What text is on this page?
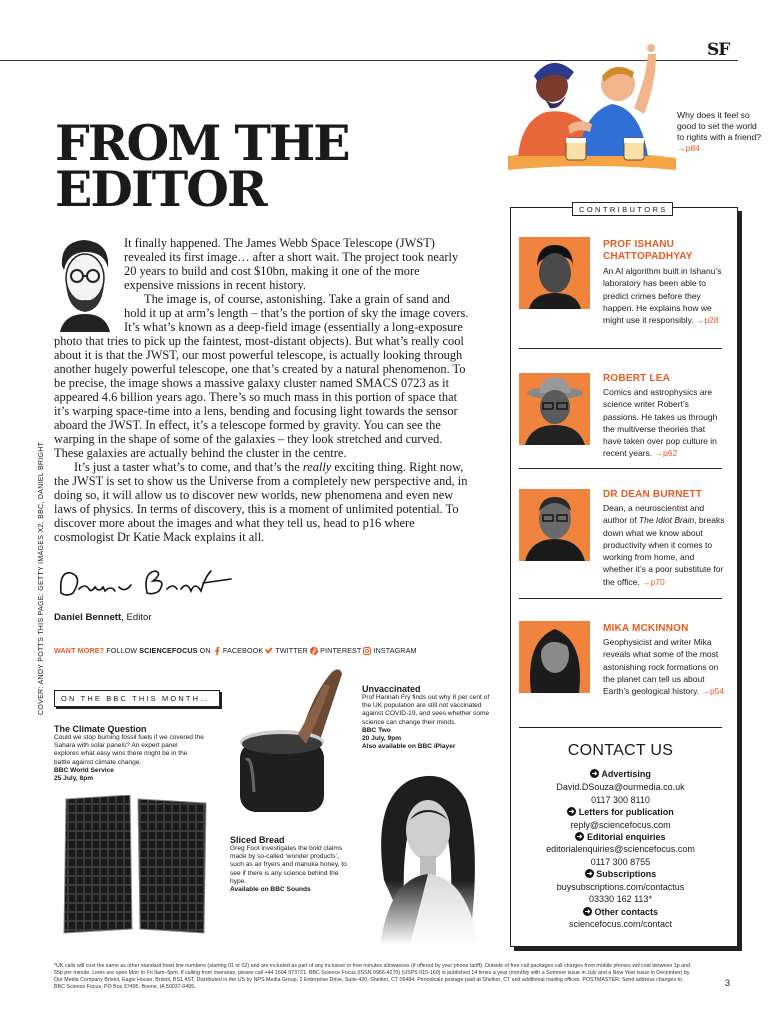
SF
Why does it feel so good to set the world to rights with a friend? →p84
FROM THE
EDITOR

It finally happened. The James Webb Space Telescope (JWST) revealed its first image… after a short wait. The project took nearly 20 years to build and cost $10bn, making it one of the more expensive missions in recent history.

The image is, of course, astonishing. Take a grain of sand and hold it up at arm’s length – that’s the portion of sky the image covers. It’s what’s known as a deep-field image (essentially a long-exposure photo that tries to pick up the faintest, most-distant objects). But what’s really cool about it is that the JWST, our most powerful telescope, is actually looking through another hugely powerful telescope, one that’s created by a natural phenomenon. To be precise, the image shows a massive galaxy cluster named SMACS 0723 as it appeared 4.6 billion years ago. There’s so much mass in this portion of space that it’s warping space-time into a lens, bending and focusing light towards the sensor aboard the JWST. In effect, it’s a telescope formed by gravity. You can see the warping in the shape of some of the galaxies – they look stretched and curved. These galaxies are actually behind the cluster in the centre.

It’s just a taster what’s to come, and that’s the really exciting thing. Right now, the JWST is set to show us the Universe from a completely new perspective and, in doing so, it will allow us to discover new worlds, new phenomena and even new laws of physics. In terms of discovery, this is a moment of unlimited potential. To discover more about the images and what they tell us, head to p16 where cosmologist Dr Katie Mack explains it all.

Daniel Bennett, Editor
WANT MORE? FOLLOW SCIENCEFOCUS ON  FACEBOOK TWITTER PINTEREST INSTAGRAM
COVER: ANDY POTTS THIS PAGE: GETTY IMAGES X2, BBC, DANIEL BRIGHT	ON THE BBC THIS MONTH…
The Climate Question
Could we stop burning fossil fuels if we covered the Sahara with solar panels? An expert panel explores what easy wins there might be in the battle against climate change.
BBC World Service
25 July, 8pm
Sliced Bread
Greg Foot investigates the bold claims made by so-called ‘wonder products’, such as air fryers and manuka honey, to see if there is any science behind the hype.
Available on BBC Sounds
Unvaccinated
Prof Hannah Fry finds out why 8 per cent of the UK population are still not vaccinated against COVID-19, and sees whether some science can change their minds.
BBC Two
20 July, 9pm
Also available on BBC iPlayer
CONTRIBUTORS
PROF ISHANU CHATTOPADHYAY
An AI algorithm built in Ishanu’s laboratory has been able to predict crimes before they happen. He explains how we might use it responsibly. →p28
ROBERT LEA
Comics and astrophysics are science writer Robert’s passions. He takes us through the multiverse theories that have taken over pop culture in recent years. →p62
DR DEAN BURNETT
Dean, a neuroscientist and author of The Idiot Brain, breaks down what we know about productivity when it comes to working from home, and whether it’s a poor substitute for the office. →p70
MIKA MCKINNON
Geophysicist and writer Mika reveals what some of the most astonishing rock formations on the planet can tell us about Earth’s geological history. →p54
CONTACT US
Advertising
David.DSouza@ourmedia.co.uk
0117 300 8110
Letters for publication
reply@sciencefocus.com
Editorial enquiries
editorialenquiries@sciencefocus.com
0117 300 8755
Subscriptions
buysubscriptions.com/contactus
03330 162 113*
Other contacts
sciencefocus.com/contact
*UK calls will cost the same as other standard fixed line numbers (starting 01 or 02) and are included as part of any inclusive or free minutes allowances (if offered by your phone tariff). Outside of free call packages call charges from mobile phones will cost between 1p and 55p per minute. Lines are open Mon to Fri 9am–5pm. If calling from overseas, please call +44 1604 973721. BBC Science Focus (ISSN 0966-4270) (USPS 015-160) is published 14 times a year (monthly with a Summer issue in July and a New Year issue in December) by Our Media Company Bristol, Eagle House, Bristol, BS1 4ST. Distributed in the US by NPS Media Group, 2 Enterprise Drive, Suite 420, Shelton, CT 06484. Periodicals postage paid at Shelton, CT and additional mailing offices. POSTMASTER: Send address changes to BBC Science Focus, PO Box 37495, Boone, IA 50037-0495.	3
